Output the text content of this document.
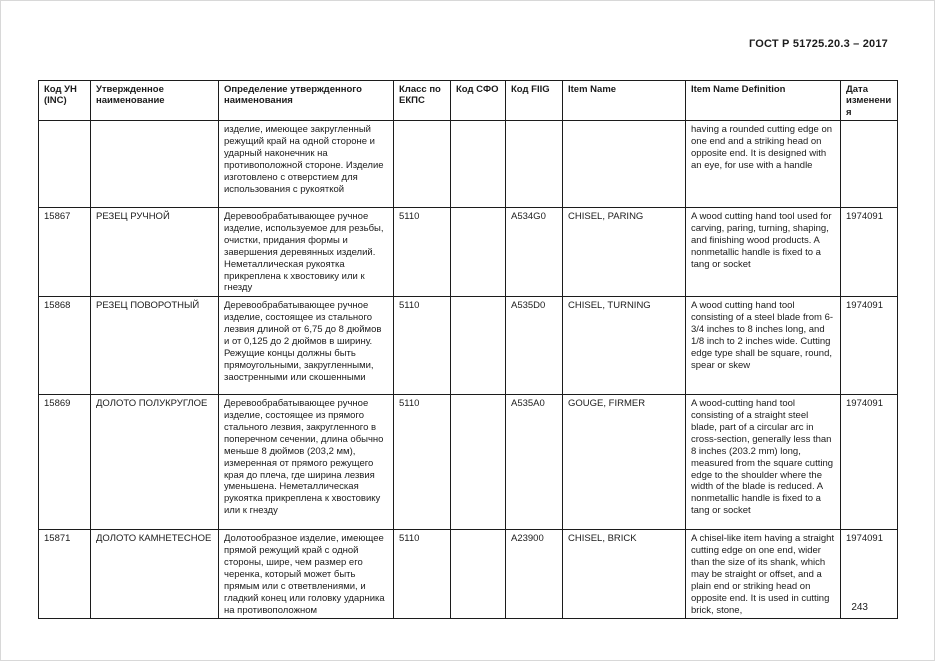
ГОСТ Р 51725.20.3 – 2017
Код УН (INC)	Утвержденное наименование	Определение утвержденного наименования	Класс по ЕКПС	Код СФО	Код FIIG	Item Name	Item Name Definition	Дата изменения
		изделие, имеющее закругленный режущий край на одной стороне и ударный наконечник на противоположной стороне. Изделие изготовлено с отверстием для использования с рукояткой					having a rounded cutting edge on one end and a striking head on opposite end. It is designed with an eye, for use with a handle	
15867	РЕЗЕЦ РУЧНОЙ	Деревообрабатывающее ручное изделие, используемое для резьбы, очистки, придания формы и завершения деревянных изделий. Неметаллическая рукоятка прикреплена к хвостовику или к гнезду	5110		A534G0	CHISEL, PARING	A wood cutting hand tool used for carving, paring, turning, shaping, and finishing wood products. A nonmetallic handle is fixed to a tang or socket	1974091
15868	РЕЗЕЦ ПОВОРОТНЫЙ	Деревообрабатывающее ручное изделие, состоящее из стального лезвия длиной от 6,75 до 8 дюймов и от 0,125 до 2 дюймов в ширину. Режущие концы должны быть прямоугольными, закругленными, заостренными или скошенными	5110		A535D0	CHISEL, TURNING	A wood cutting hand tool consisting of a steel blade from 6-3/4 inches to 8 inches long, and 1/8 inch to 2 inches wide. Cutting edge type shall be square, round, spear or skew	1974091
15869	ДОЛОТО ПОЛУКРУГЛОЕ	Деревообрабатывающее ручное изделие, состоящее из прямого стального лезвия, закругленного в поперечном сечении, длина обычно меньше 8 дюймов (203,2 мм), измеренная от прямого режущего края до плеча, где ширина лезвия уменьшена. Неметаллическая рукоятка прикреплена к хвостовику или к гнезду	5110		A535A0	GOUGE, FIRMER	A wood-cutting hand tool consisting of a straight steel blade, part of a circular arc in cross-section, generally less than 8 inches (203.2 mm) long, measured from the square cutting edge to the shoulder where the width of the blade is reduced. A nonmetallic handle is fixed to a tang or socket	1974091
15871	ДОЛОТО КАМНЕТЕСНОЕ	Долотообразное изделие, имеющее прямой режущий край с одной стороны, шире, чем размер его черенка, который может быть прямым или с ответвлениями, и гладкий конец или головку ударника на противоположном	5110		A23900	CHISEL, BRICK	A chisel-like item having a straight cutting edge on one end, wider than the size of its shank, which may be straight or offset, and a plain end or striking head on opposite end. It is used in cutting brick, stone,	1974091
243
